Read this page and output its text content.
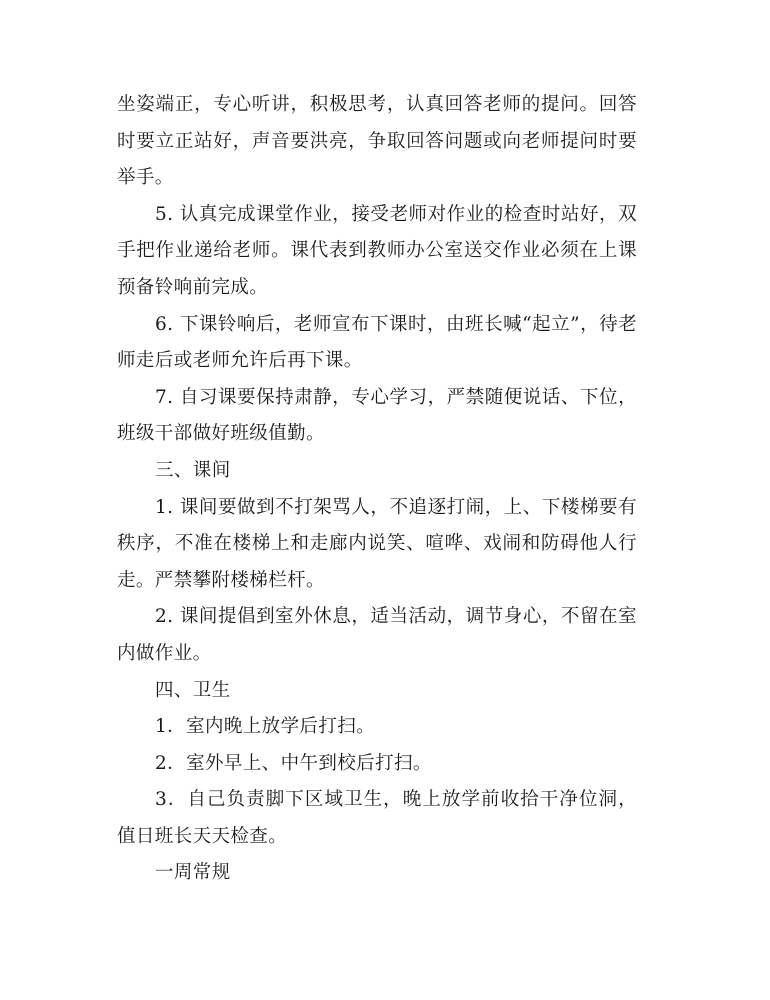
坐姿端正，专心听讲，积极思考，认真回答老师的提问。回答时要立正站好，声音要洪亮，争取回答问题或向老师提问时要举手。

5. 认真完成课堂作业，接受老师对作业的检查时站好，双手把作业递给老师。课代表到教师办公室送交作业必须在上课预备铃响前完成。

6. 下课铃响后，老师宣布下课时，由班长喊“起立”，待老师走后或老师允许后再下课。

7. 自习课要保持肃静，专心学习，严禁随便说话、下位，班级干部做好班级值勤。

三、课间

1. 课间要做到不打架骂人，不追逐打闹，上、下楼梯要有秩序，不准在楼梯上和走廊内说笑、喧哗、戏闹和防碍他人行走。严禁攀附楼梯栏杆。

2. 课间提倡到室外休息，适当活动，调节身心，不留在室内做作业。

四、卫生

1．室内晚上放学后打扫。

2．室外早上、中午到校后打扫。

3．自己负责脚下区域卫生，晚上放学前收拾干净位洞，值日班长天天检查。

一周常规
